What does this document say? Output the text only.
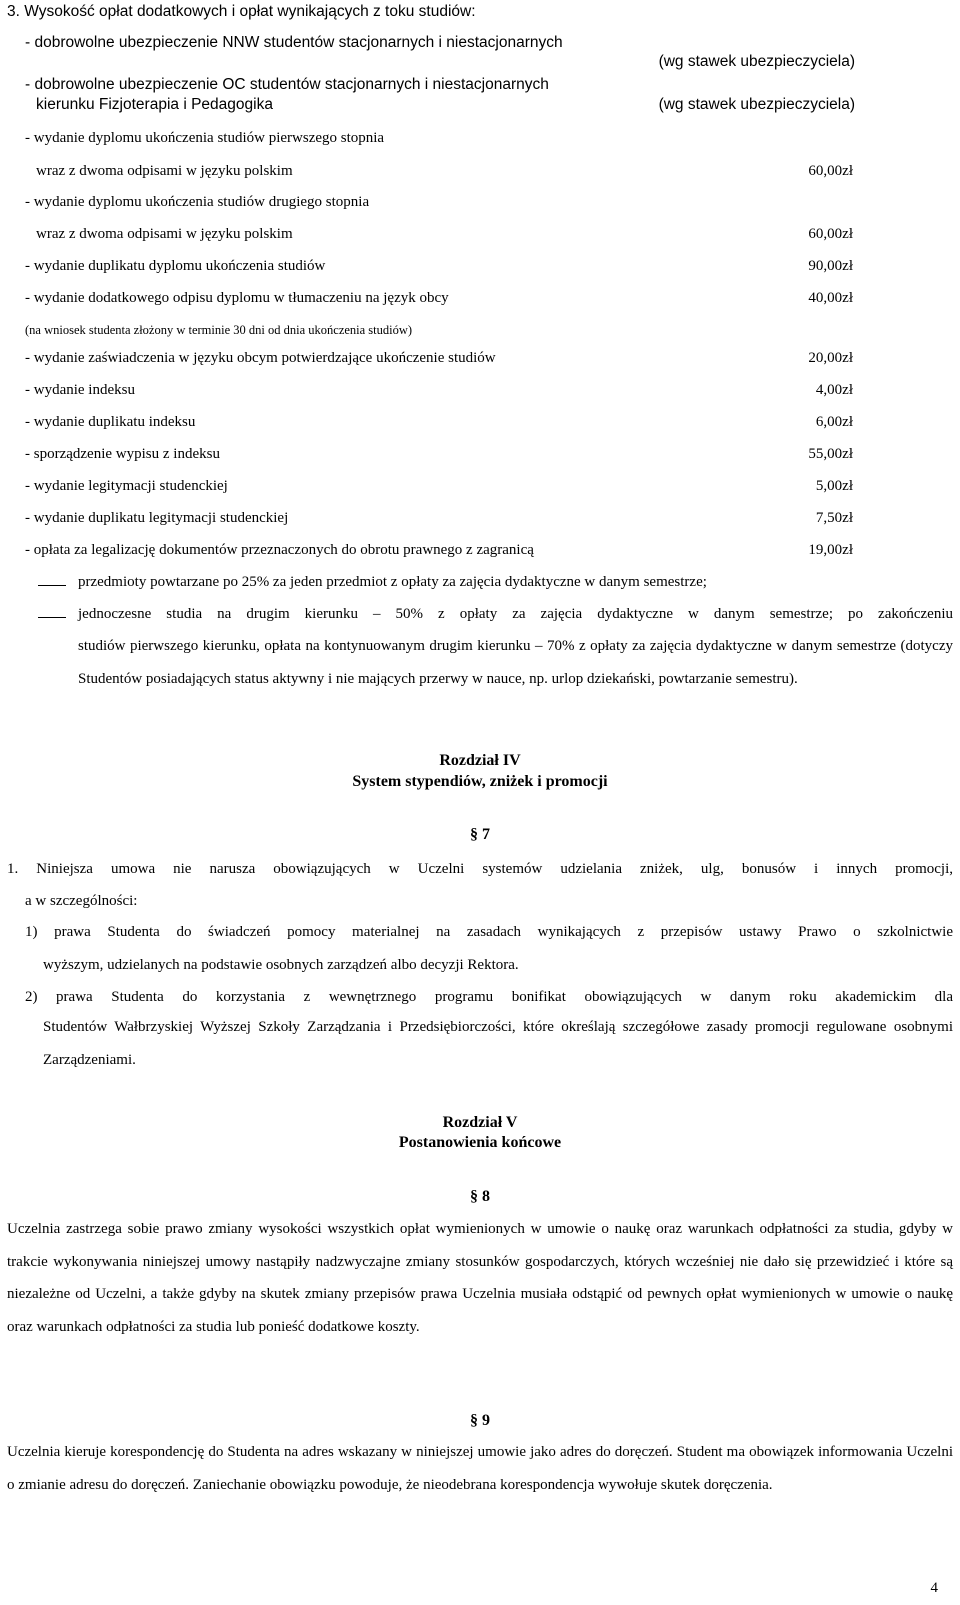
3. Wysokość opłat dodatkowych i opłat wynikających z toku studiów:
- dobrowolne ubezpieczenie NNW studentów stacjonarnych i niestacjonarnych
(wg stawek ubezpieczyciela)
- dobrowolne ubezpieczenie OC studentów stacjonarnych i niestacjonarnych
kierunku Fizjoterapia i Pedagogika	(wg stawek ubezpieczyciela)
- wydanie dyplomu ukończenia studiów pierwszego stopnia
wraz z dwoma odpisami w języku polskim	60,00zł
- wydanie dyplomu ukończenia studiów drugiego stopnia
wraz z dwoma odpisami w języku polskim	60,00zł
- wydanie duplikatu dyplomu ukończenia studiów	90,00zł
- wydanie dodatkowego odpisu dyplomu w tłumaczeniu na język obcy	40,00zł
(na wniosek studenta złożony w terminie 30 dni od dnia ukończenia studiów)
- wydanie zaświadczenia w języku obcym potwierdzające ukończenie studiów	20,00zł
- wydanie indeksu	4,00zł
- wydanie duplikatu indeksu	6,00zł
- sporządzenie wypisu z indeksu	55,00zł
- wydanie legitymacji studenckiej	5,00zł
- wydanie duplikatu legitymacji studenckiej	7,50zł
- opłata za legalizację dokumentów przeznaczonych do obrotu prawnego z zagranicą	19,00zł
przedmioty powtarzane po 25% za jeden przedmiot z opłaty za zajęcia dydaktyczne w danym semestrze;
jednoczesne studia na drugim kierunku – 50% z opłaty za zajęcia dydaktyczne w danym semestrze; po zakończeniu
studiów pierwszego kierunku, opłata na kontynuowanym drugim kierunku – 70% z opłaty za zajęcia dydaktyczne w danym semestrze (dotyczy Studentów posiadających status aktywny i nie mających przerwy w nauce, np. urlop dziekański, powtarzanie semestru).
Rozdział IV
System stypendiów, zniżek i promocji
§ 7
1. Niniejsza umowa nie narusza obowiązujących w Uczelni systemów udzielania zniżek, ulg, bonusów i innych promocji,
a w szczególności:
1) prawa Studenta do świadczeń pomocy materialnej na zasadach wynikających z przepisów ustawy Prawo o szkolnictwie
wyższym, udzielanych na podstawie osobnych zarządzeń albo decyzji Rektora.
2) prawa Studenta do korzystania z wewnętrznego programu bonifikat obowiązujących w danym roku akademickim dla
Studentów Wałbrzyskiej Wyższej Szkoły Zarządzania i Przedsiębiorczości, które określają szczegółowe zasady promocji regulowane osobnymi Zarządzeniami.
Rozdział V
Postanowienia końcowe
§ 8

Uczelnia zastrzega sobie prawo zmiany wysokości wszystkich opłat wymienionych w umowie o naukę oraz warunkach odpłatności za studia, gdyby w trakcie wykonywania niniejszej umowy nastąpiły nadzwyczajne zmiany stosunków gospodarczych, których wcześniej nie dało się przewidzieć i które są niezależne od Uczelni, a także gdyby na skutek zmiany przepisów prawa Uczelnia musiała odstąpić od pewnych opłat wymienionych w umowie o naukę oraz warunkach odpłatności za studia lub ponieść dodatkowe koszty.

§ 9

Uczelnia kieruje korespondencję do Studenta na adres wskazany w niniejszej umowie jako adres do doręczeń. Student ma obowiązek informowania Uczelni o zmianie adresu do doręczeń. Zaniechanie obowiązku powoduje, że nieodebrana korespondencja wywołuje skutek doręczenia.

4
